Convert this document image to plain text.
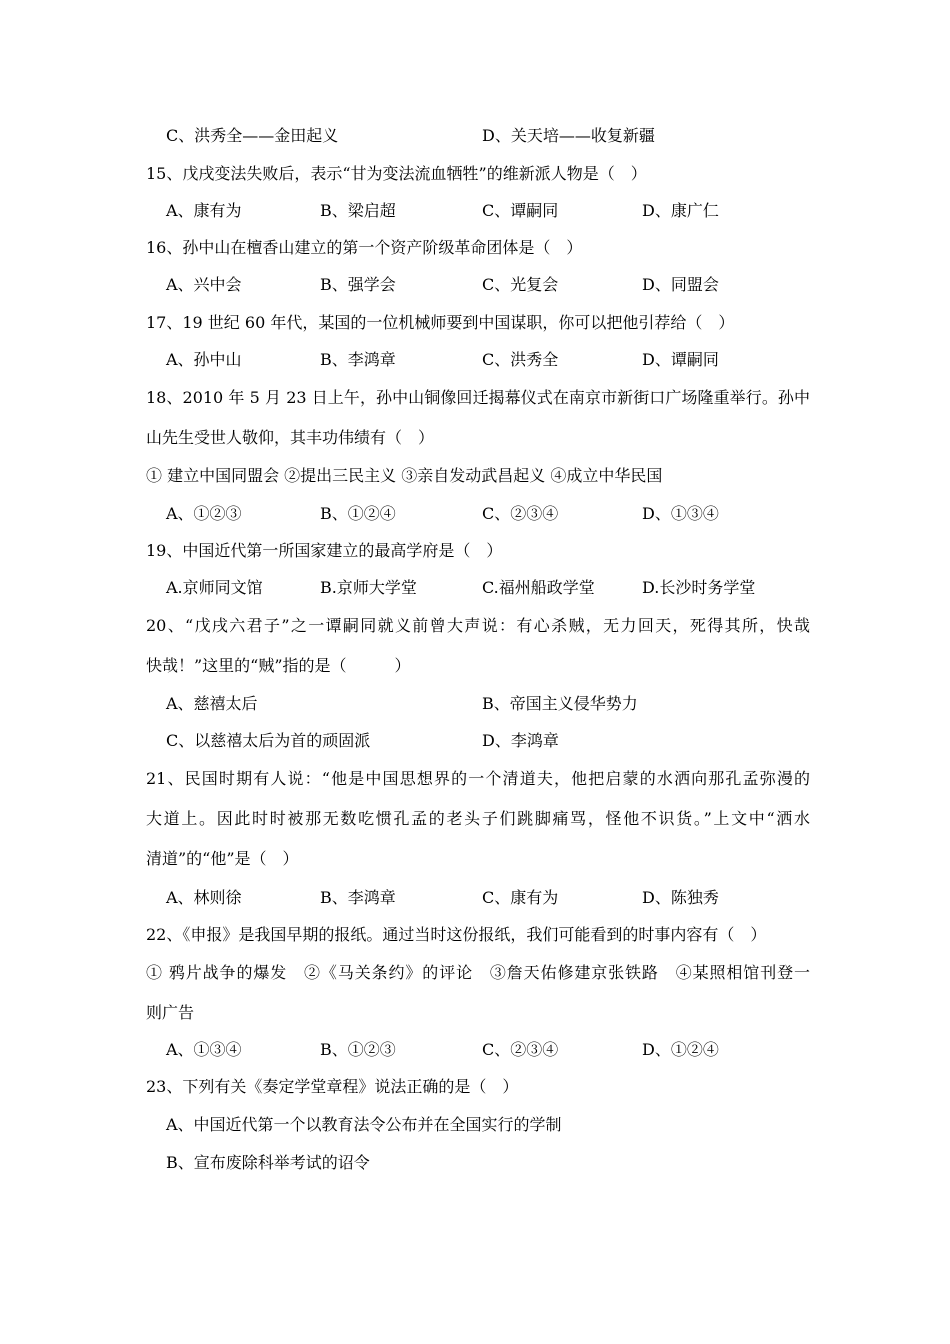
C、洪秀全——金田起义	D、关天培——收复新疆
15、戊戌变法失败后，表示“甘为变法流血牺牲”的维新派人物是（　）
A、康有为	B、梁启超	C、谭嗣同	D、康广仁
16、孙中山在檀香山建立的第一个资产阶级革命团体是（　）
A、兴中会	B、强学会	C、光复会	D、同盟会
17、19 世纪 60 年代，某国的一位机械师要到中国谋职，你可以把他引荐给（　）
A、孙中山	B、李鸿章	C、洪秀全	D、谭嗣同
18、2010 年 5 月 23 日上午，孙中山铜像回迁揭幕仪式在南京市新街口广场隆重举行。孙中
山先生受世人敬仰，其丰功伟绩有（　）
① 建立中国同盟会 ②提出三民主义 ③亲自发动武昌起义 ④成立中华民国
A、①②③	B、①②④	C、②③④	D、①③④
19、中国近代第一所国家建立的最高学府是（　）
A.京师同文馆	B.京师大学堂	C.福州船政学堂	D.长沙时务学堂
20、“戊戌六君子”之一谭嗣同就义前曾大声说：有心杀贼，无力回天，死得其所，快哉
快哉！”这里的“贼”指的是（　　　）
A、慈禧太后	B、帝国主义侵华势力
C、以慈禧太后为首的顽固派	D、李鸿章
21、民国时期有人说：“他是中国思想界的一个清道夫，他把启蒙的水洒向那孔孟弥漫的
大道上。因此时时被那无数吃惯孔孟的老头子们跳脚痛骂，怪他不识货。”上文中“洒水
清道”的“他”是（　）
A、林则徐	B、李鸿章	C、康有为	D、陈独秀
22、《申报》是我国早期的报纸。通过当时这份报纸，我们可能看到的时事内容有（　）
① 鸦片战争的爆发　②《马关条约》的评论　③詹天佑修建京张铁路　④某照相馆刊登一
则广告
A、①③④	B、①②③	C、②③④	D、①②④
23、下列有关《奏定学堂章程》说法正确的是（　）
A、中国近代第一个以教育法令公布并在全国实行的学制
B、宣布废除科举考试的诏令
